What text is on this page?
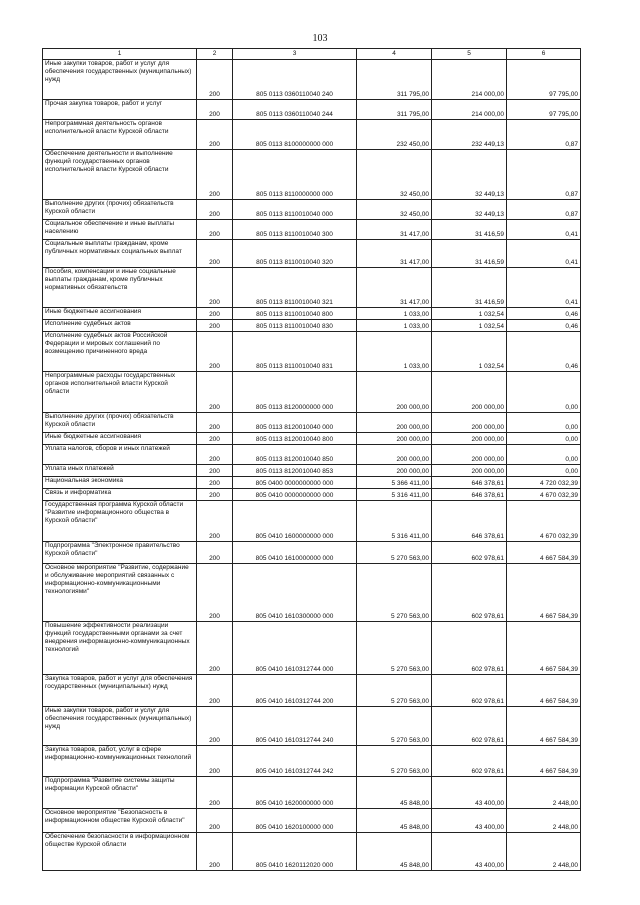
103
1	2	3	4	5	6
Иные закупки товаров, работ и услуг для обеспечения государственных (муниципальных) нужд	200	805 0113 0360110040 240	311 795,00	214 000,00	97 795,00
Прочая закупка товаров, работ и услуг	200	805 0113 0360110040 244	311 795,00	214 000,00	97 795,00
Непрограммная деятельность органов исполнительной власти Курской области	200	805 0113 8100000000 000	232 450,00	232 449,13	0,87
Обеспечение деятельности и выполнение функций государственных органов исполнительной власти Курской области	200	805 0113 8110000000 000	32 450,00	32 449,13	0,87
Выполнение других (прочих) обязательств Курской области	200	805 0113 8110010040 000	32 450,00	32 449,13	0,87
Социальное обеспечение и иные выплаты населению	200	805 0113 8110010040 300	31 417,00	31 416,59	0,41
Социальные выплаты гражданам, кроме публичных нормативных социальных выплат	200	805 0113 8110010040 320	31 417,00	31 416,59	0,41
Пособия, компенсации и иные социальные выплаты гражданам, кроме публичных нормативных обязательств	200	805 0113 8110010040 321	31 417,00	31 416,59	0,41
Иные бюджетные ассигнования	200	805 0113 8110010040 800	1 033,00	1 032,54	0,46
Исполнение судебных актов	200	805 0113 8110010040 830	1 033,00	1 032,54	0,46
Исполнение судебных актов Российской Федерации и мировых соглашений по возмещению причиненного вреда	200	805 0113 8110010040 831	1 033,00	1 032,54	0,46
Непрограммные расходы государственных органов исполнительной власти Курской области	200	805 0113 8120000000 000	200 000,00	200 000,00	0,00
Выполнение других (прочих) обязательств Курской области	200	805 0113 8120010040 000	200 000,00	200 000,00	0,00
Иные бюджетные ассигнования	200	805 0113 8120010040 800	200 000,00	200 000,00	0,00
Уплата налогов, сборов и иных платежей	200	805 0113 8120010040 850	200 000,00	200 000,00	0,00
Уплата иных платежей	200	805 0113 8120010040 853	200 000,00	200 000,00	0,00
Национальная экономика	200	805 0400 0000000000 000	5 366 411,00	646 378,61	4 720 032,39
Связь и информатика	200	805 0410 0000000000 000	5 316 411,00	646 378,61	4 670 032,39
Государственная программа Курской области "Развитие информационного общества в Курской области"	200	805 0410 1600000000 000	5 316 411,00	646 378,61	4 670 032,39
Подпрограмма "Электронное правительство Курской области"	200	805 0410 1610000000 000	5 270 563,00	602 978,61	4 667 584,39
Основное мероприятие "Развитие, содержание и обслуживание мероприятий связанных с информационно-коммуникационными технологиями"	200	805 0410 1610300000 000	5 270 563,00	602 978,61	4 667 584,39
Повышение эффективности реализации функций государственными органами за счет внедрения информационно-коммуникационных технологий	200	805 0410 1610312744 000	5 270 563,00	602 978,61	4 667 584,39
Закупка товаров, работ и услуг для обеспечения государственных (муниципальных) нужд	200	805 0410 1610312744 200	5 270 563,00	602 978,61	4 667 584,39
Иные закупки товаров, работ и услуг для обеспечения государственных (муниципальных) нужд	200	805 0410 1610312744 240	5 270 563,00	602 978,61	4 667 584,39
Закупка товаров, работ, услуг в сфере информационно-коммуникационных технологий	200	805 0410 1610312744 242	5 270 563,00	602 978,61	4 667 584,39
Подпрограмма "Развитие системы защиты информации Курской области"	200	805 0410 1620000000 000	45 848,00	43 400,00	2 448,00
Основное мероприятие "Безопасность в информационном обществе Курской области"	200	805 0410 1620100000 000	45 848,00	43 400,00	2 448,00
Обеспечение безопасности в информационном обществе Курской области	200	805 0410 1620112020 000	45 848,00	43 400,00	2 448,00
